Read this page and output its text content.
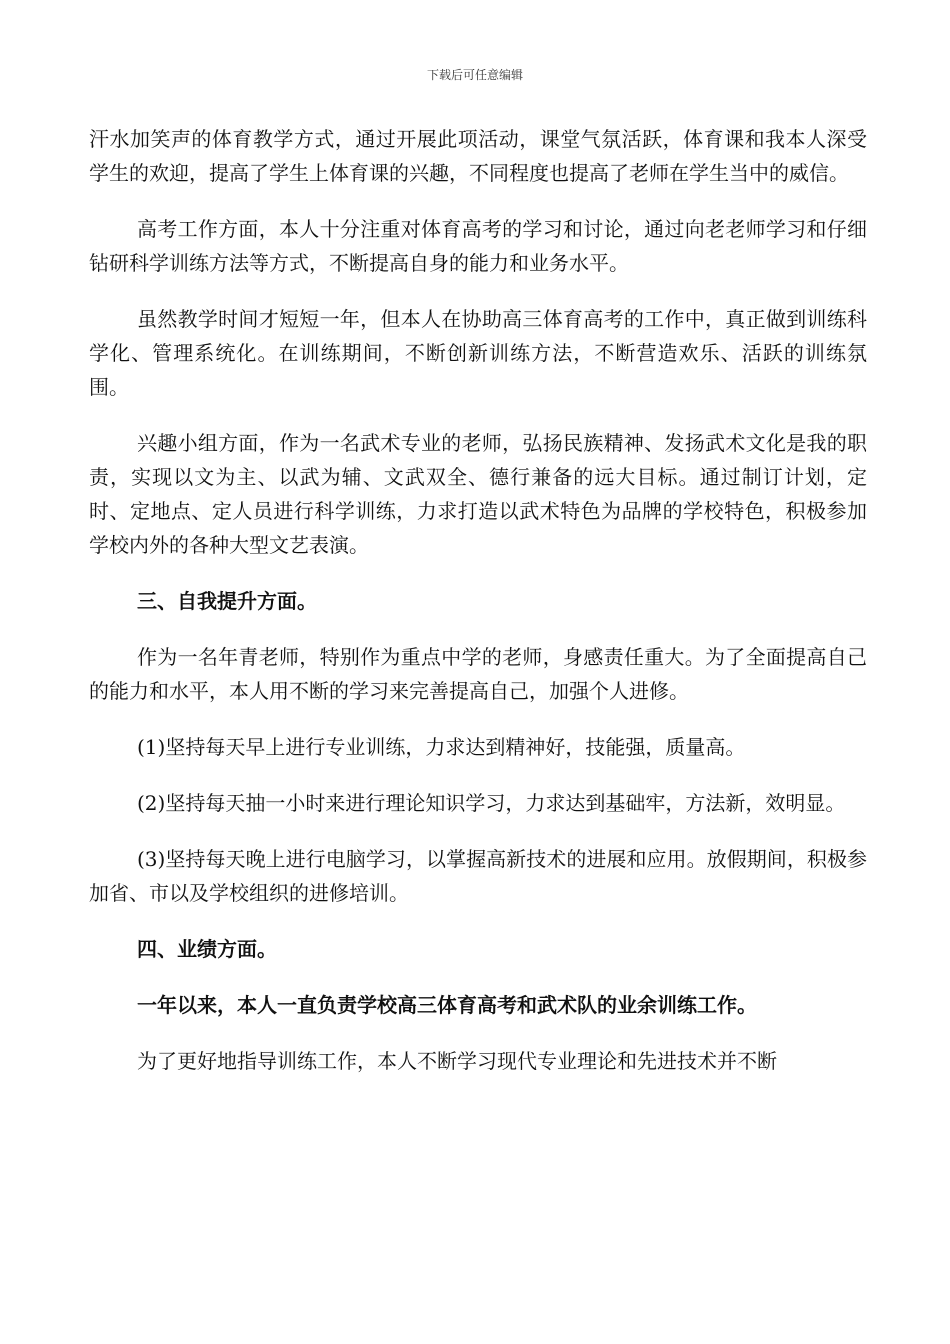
下载后可任意编辑

汗水加笑声的体育教学方式，通过开展此项活动，课堂气氛活跃，体育课和我本人深受学生的欢迎，提高了学生上体育课的兴趣，不同程度也提高了老师在学生当中的威信。

高考工作方面，本人十分注重对体育高考的学习和讨论，通过向老老师学习和仔细钻研科学训练方法等方式，不断提高自身的能力和业务水平。

虽然教学时间才短短一年，但本人在协助高三体育高考的工作中，真正做到训练科学化、管理系统化。在训练期间，不断创新训练方法，不断营造欢乐、活跃的训练氛围。

兴趣小组方面，作为一名武术专业的老师，弘扬民族精神、发扬武术文化是我的职责，实现以文为主、以武为辅、文武双全、德行兼备的远大目标。通过制订计划，定时、定地点、定人员进行科学训练，力求打造以武术特色为品牌的学校特色，积极参加学校内外的各种大型文艺表演。

三、自我提升方面。

作为一名年青老师，特别作为重点中学的老师，身感责任重大。为了全面提高自己的能力和水平，本人用不断的学习来完善提高自己，加强个人进修。

(1)坚持每天早上进行专业训练，力求达到精神好，技能强，质量高。

(2)坚持每天抽一小时来进行理论知识学习，力求达到基础牢，方法新，效明显。

(3)坚持每天晚上进行电脑学习，以掌握高新技术的进展和应用。放假期间，积极参加省、市以及学校组织的进修培训。

四、业绩方面。

一年以来，本人一直负责学校高三体育高考和武术队的业余训练工作。

为了更好地指导训练工作，本人不断学习现代专业理论和先进技术并不断
